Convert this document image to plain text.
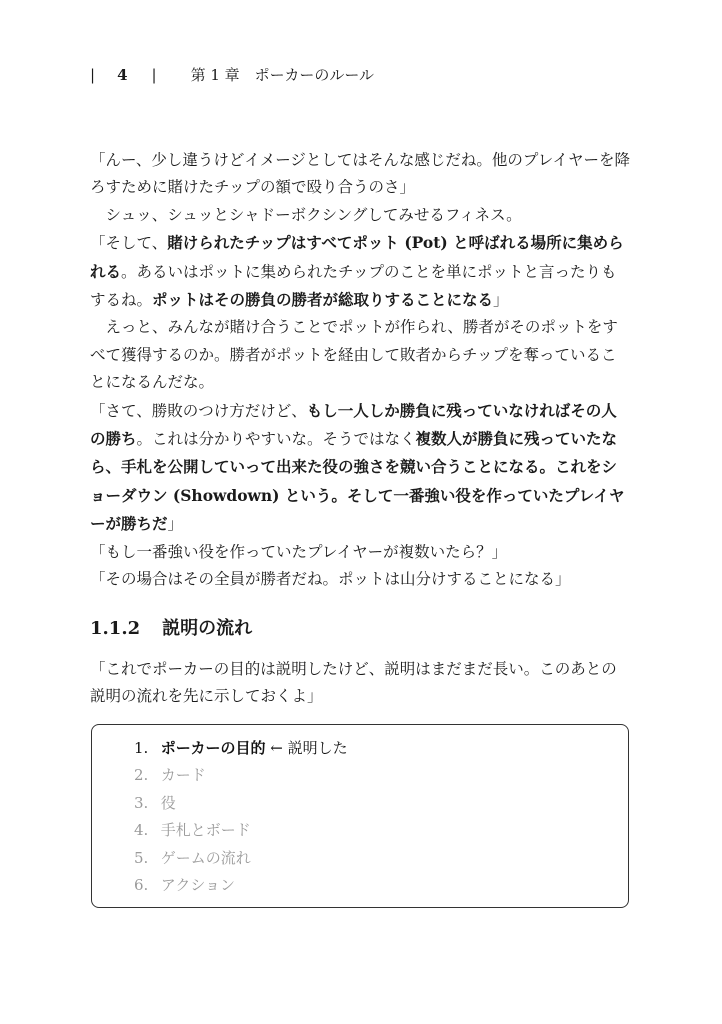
| 4 | 第 1 章　ポーカーのルール

「んー、少し違うけどイメージとしてはそんな感じだね。他のプレイヤーを降ろすために賭けたチップの額で殴り合うのさ」

シュッ、シュッとシャドーボクシングしてみせるフィネス。

「そして、賭けられたチップはすべてポット (Pot) と呼ばれる場所に集められる。あるいはポットに集められたチップのことを単にポットと言ったりもするね。ポットはその勝負の勝者が総取りすることになる」

えっと、みんなが賭け合うことでポットが作られ、勝者がそのポットをすべて獲得するのか。勝者がポットを経由して敗者からチップを奪っていることになるんだな。

「さて、勝敗のつけ方だけど、もし一人しか勝負に残っていなければその人の勝ち。これは分かりやすいな。そうではなく複数人が勝負に残っていたなら、手札を公開していって出来た役の強さを競い合うことになる。これをショーダウン (Showdown) という。そして一番強い役を作っていたプレイヤーが勝ちだ」

「もし一番強い役を作っていたプレイヤーが複数いたら？」

「その場合はその全員が勝者だね。ポットは山分けすることになる」

1.1.2 説明の流れ

「これでポーカーの目的は説明したけど、説明はまだまだ長い。このあとの説明の流れを先に示しておくよ」

1. ポーカーの目的 ← 説明した
2. カード
3. 役
4. 手札とボード
5. ゲームの流れ
6. アクション
